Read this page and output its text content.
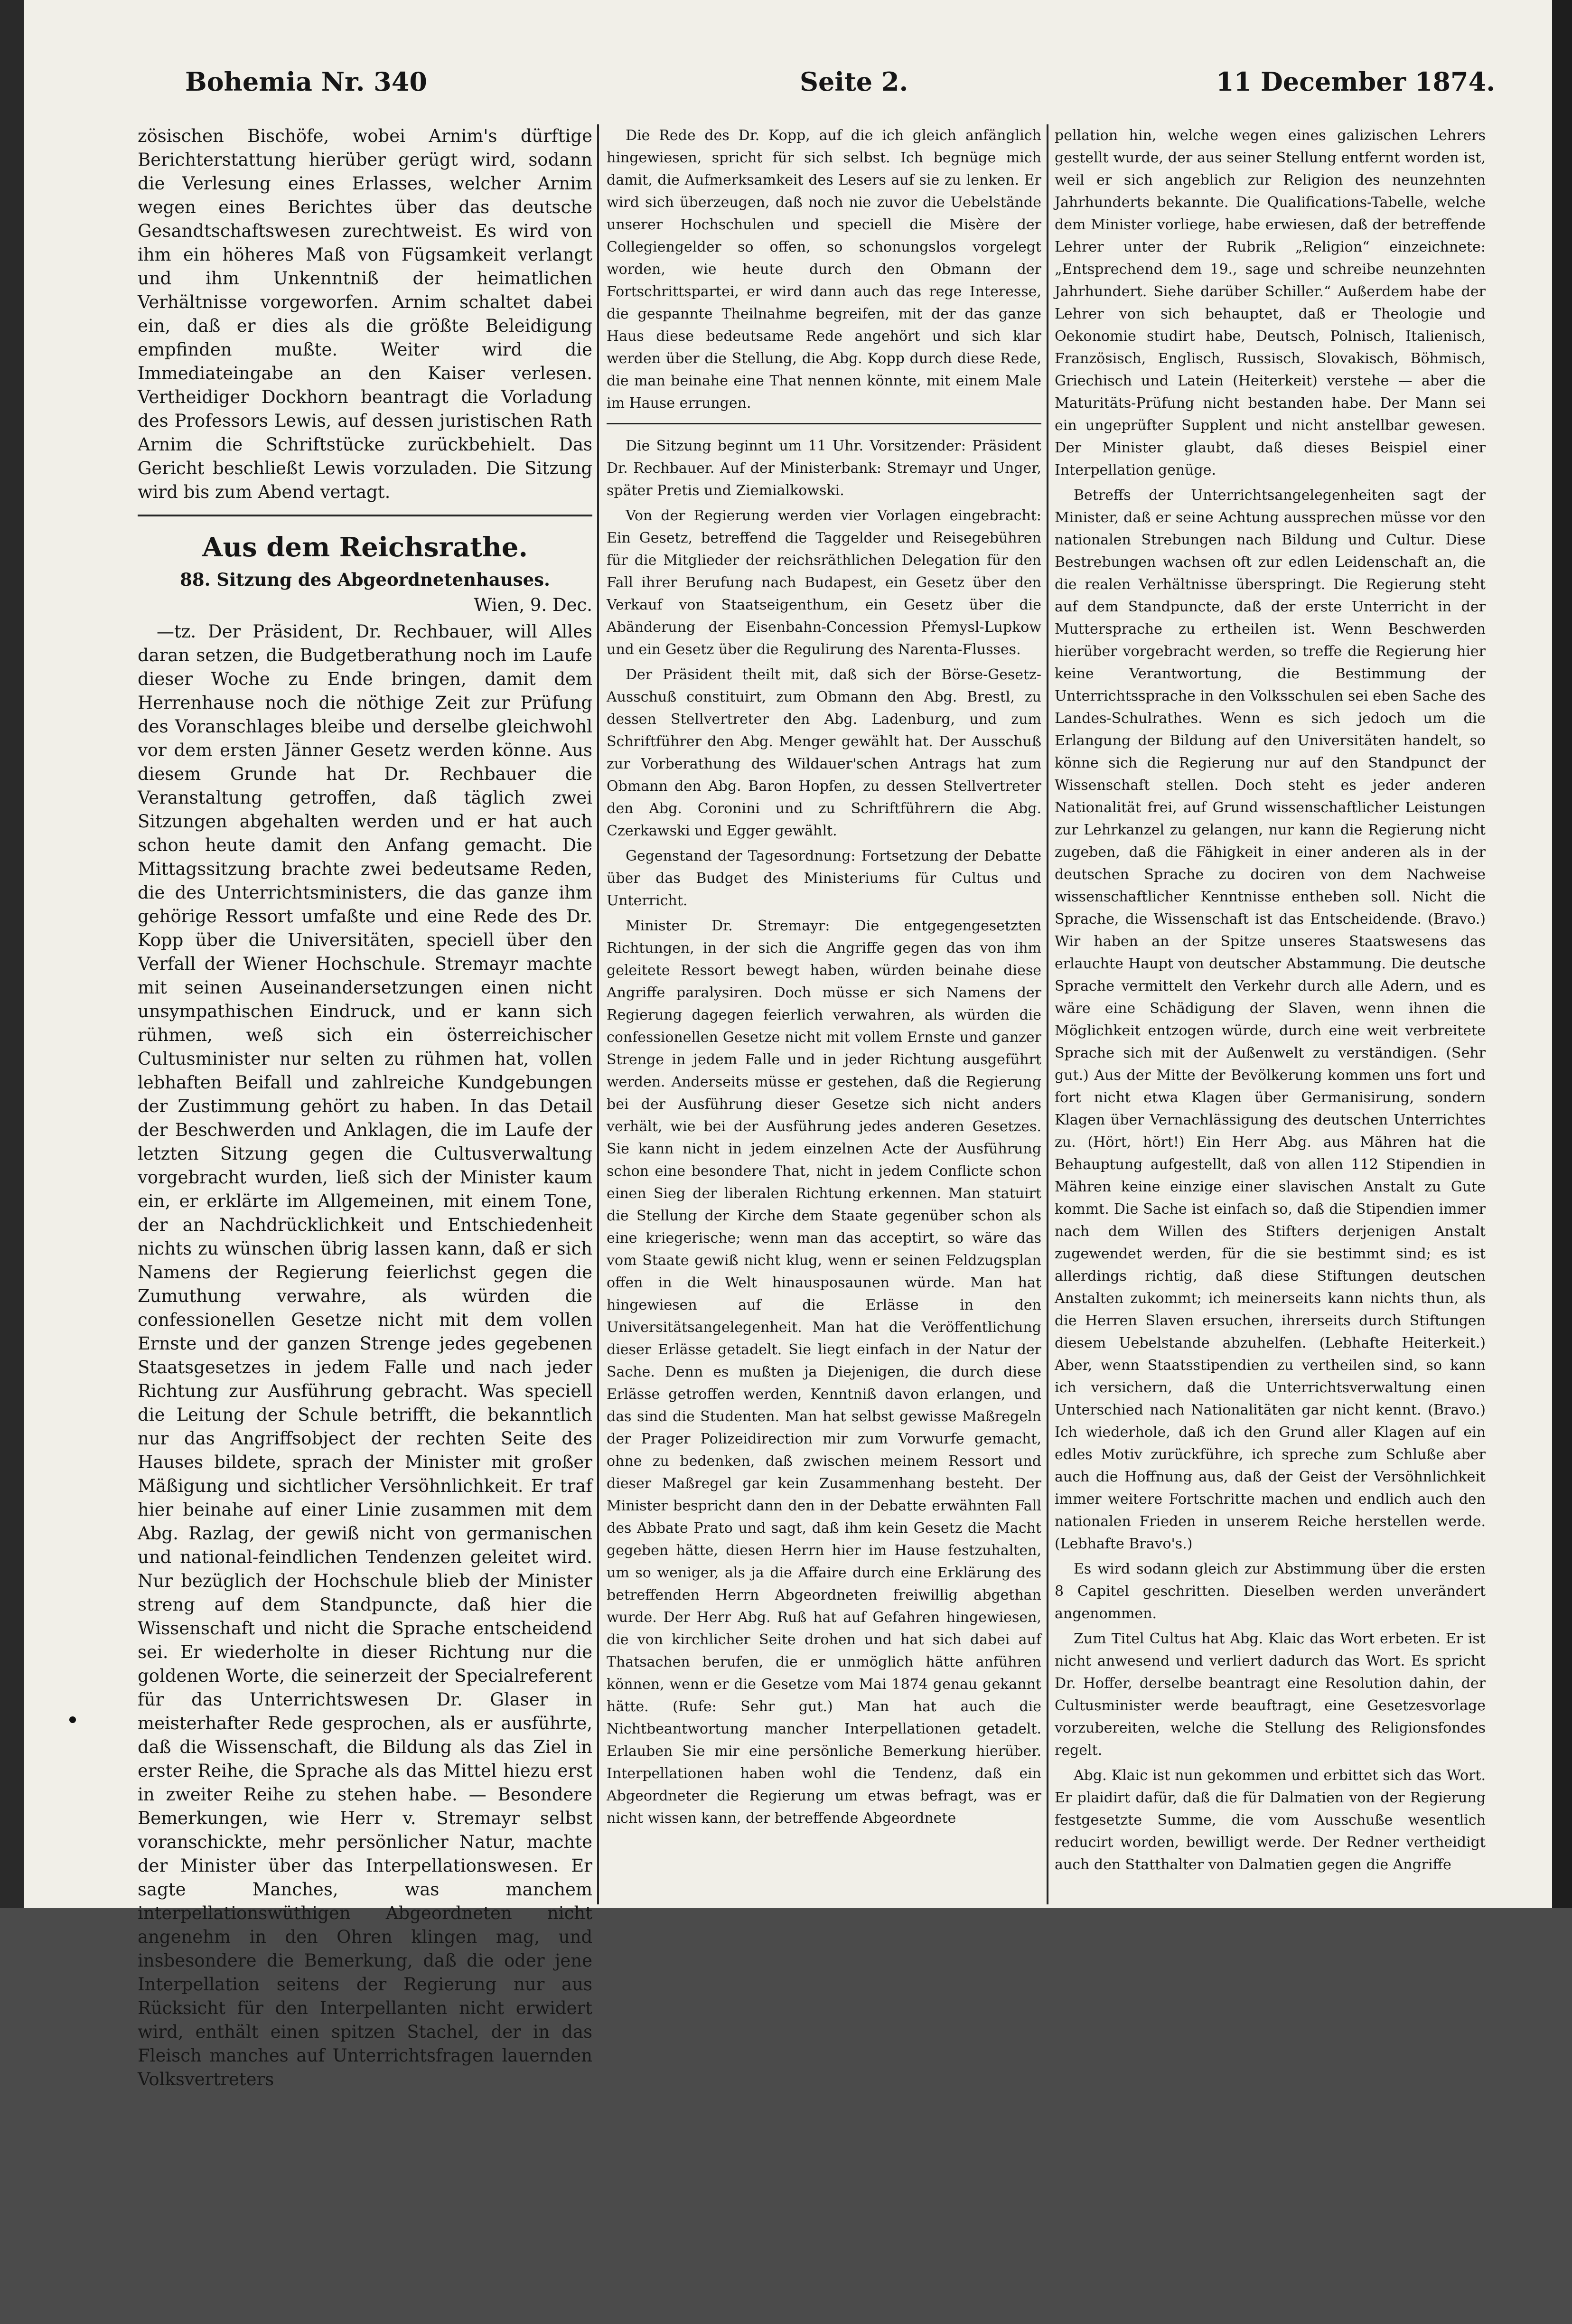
Bohemia Nr. 340	Seite 2.	11 December 1874.

zösischen Bischöfe, wobei Arnim's dürftige Berichterstattung hierüber gerügt wird, sodann die Verlesung eines Erlasses, welcher Arnim wegen eines Berichtes über das deutsche Gesandtschaftswesen zurechtweist. Es wird von ihm ein höheres Maß von Fügsamkeit verlangt und ihm Unkenntniß der heimatlichen Verhältnisse vorgeworfen. Arnim schaltet dabei ein, daß er dies als die größte Beleidigung empfinden mußte. Weiter wird die Immediateingabe an den Kaiser verlesen. Vertheidiger Dockhorn beantragt die Vorladung des Professors Lewis, auf dessen juristischen Rath Arnim die Schriftstücke zurückbehielt. Das Gericht beschließt Lewis vorzuladen. Die Sitzung wird bis zum Abend vertagt.

Aus dem Reichsrathe.
88. Sitzung des Abgeordnetenhauses.
Wien, 9. Dec.

—tz. Der Präsident, Dr. Rechbauer, will Alles daran setzen, die Budgetberathung noch im Laufe dieser Woche zu Ende bringen, damit dem Herrenhause noch die nöthige Zeit zur Prüfung des Voranschlages bleibe und derselbe gleichwohl vor dem ersten Jänner Gesetz werden könne. Aus diesem Grunde hat Dr. Rechbauer die Veranstaltung getroffen, daß täglich zwei Sitzungen abgehalten werden und er hat auch schon heute damit den Anfang gemacht. Die Mittagssitzung brachte zwei bedeutsame Reden, die des Unterrichtsministers, die das ganze ihm gehörige Ressort umfaßte und eine Rede des Dr. Kopp über die Universitäten, speciell über den Verfall der Wiener Hochschule. Stremayr machte mit seinen Auseinandersetzungen einen nicht unsympathischen Eindruck, und er kann sich rühmen, weß sich ein österreichischer Cultusminister nur selten zu rühmen hat, vollen lebhaften Beifall und zahlreiche Kundgebungen der Zustimmung gehört zu haben. In das Detail der Beschwerden und Anklagen, die im Laufe der letzten Sitzung gegen die Cultusverwaltung vorgebracht wurden, ließ sich der Minister kaum ein, er erklärte im Allgemeinen, mit einem Tone, der an Nachdrücklichkeit und Entschiedenheit nichts zu wünschen übrig lassen kann, daß er sich Namens der Regierung feierlichst gegen die Zumuthung verwahre, als würden die confessionellen Gesetze nicht mit dem vollen Ernste und der ganzen Strenge jedes gegebenen Staatsgesetzes in jedem Falle und nach jeder Richtung zur Ausführung gebracht. Was speciell die Leitung der Schule betrifft, die bekanntlich nur das Angriffsobject der rechten Seite des Hauses bildete, sprach der Minister mit großer Mäßigung und sichtlicher Versöhnlichkeit. Er traf hier beinahe auf einer Linie zusammen mit dem Abg. Razlag, der gewiß nicht von germanischen und national-feindlichen Tendenzen geleitet wird. Nur bezüglich der Hochschule blieb der Minister streng auf dem Standpuncte, daß hier die Wissenschaft und nicht die Sprache entscheidend sei. Er wiederholte in dieser Richtung nur die goldenen Worte, die seinerzeit der Specialreferent für das Unterrichtswesen Dr. Glaser in meisterhafter Rede gesprochen, als er ausführte, daß die Wissenschaft, die Bildung als das Ziel in erster Reihe, die Sprache als das Mittel hiezu erst in zweiter Reihe zu stehen habe. — Besondere Bemerkungen, wie Herr v. Stremayr selbst voranschickte, mehr persönlicher Natur, machte der Minister über das Interpellationswesen. Er sagte Manches, was manchem interpellationswüthigen Abgeordneten nicht angenehm in den Ohren klingen mag, und insbesondere die Bemerkung, daß die oder jene Interpellation seitens der Regierung nur aus Rücksicht für den Interpellanten nicht erwidert wird, enthält einen spitzen Stachel, der in das Fleisch manches auf Unterrichtsfragen lauernden Volksvertreters

Die Rede des Dr. Kopp, auf die ich gleich anfänglich hingewiesen, spricht für sich selbst. Ich begnüge mich damit, die Aufmerksamkeit des Lesers auf sie zu lenken. Er wird sich überzeugen, daß noch nie zuvor die Uebelstände unserer Hochschulen und speciell die Misère der Collegiengelder so offen, so schonungslos vorgelegt worden, wie heute durch den Obmann der Fortschrittspartei, er wird dann auch das rege Interesse, die gespannte Theilnahme begreifen, mit der das ganze Haus diese bedeutsame Rede angehört und sich klar werden über die Stellung, die Abg. Kopp durch diese Rede, die man beinahe eine That nennen könnte, mit einem Male im Hause errungen.

Die Sitzung beginnt um 11 Uhr. Vorsitzender: Präsident Dr. Rechbauer. Auf der Ministerbank: Stremayr und Unger, später Pretis und Ziemialkowski.

Von der Regierung werden vier Vorlagen eingebracht: Ein Gesetz, betreffend die Taggelder und Reisegebühren für die Mitglieder der reichsräthlichen Delegation für den Fall ihrer Berufung nach Budapest, ein Gesetz über den Verkauf von Staatseigenthum, ein Gesetz über die Abänderung der Eisenbahn-Concession Přemysl-Lupkow und ein Gesetz über die Regulirung des Narenta-Flusses.

Der Präsident theilt mit, daß sich der Börse-Gesetz-Ausschuß constituirt, zum Obmann den Abg. Brestl, zu dessen Stellvertreter den Abg. Ladenburg, und zum Schriftführer den Abg. Menger gewählt hat. Der Ausschuß zur Vorberathung des Wildauer'schen Antrags hat zum Obmann den Abg. Baron Hopfen, zu dessen Stellvertreter den Abg. Coronini und zu Schriftführern die Abg. Czerkawski und Egger gewählt.

Gegenstand der Tagesordnung: Fortsetzung der Debatte über das Budget des Ministeriums für Cultus und Unterricht.

Minister Dr. Stremayr: Die entgegengesetzten Richtungen, in der sich die Angriffe gegen das von ihm geleitete Ressort bewegt haben, würden beinahe diese Angriffe paralysiren. Doch müsse er sich Namens der Regierung dagegen feierlich verwahren, als würden die confessionellen Gesetze nicht mit vollem Ernste und ganzer Strenge in jedem Falle und in jeder Richtung ausgeführt werden. Anderseits müsse er gestehen, daß die Regierung bei der Ausführung dieser Gesetze sich nicht anders verhält, wie bei der Ausführung jedes anderen Gesetzes. Sie kann nicht in jedem einzelnen Acte der Ausführung schon eine besondere That, nicht in jedem Conflicte schon einen Sieg der liberalen Richtung erkennen. Man statuirt die Stellung der Kirche dem Staate gegenüber schon als eine kriegerische; wenn man das acceptirt, so wäre das vom Staate gewiß nicht klug, wenn er seinen Feldzugsplan offen in die Welt hinausposaunen würde. Man hat hingewiesen auf die Erlässe in den Universitätsangelegenheit. Man hat die Veröffentlichung dieser Erlässe getadelt. Sie liegt einfach in der Natur der Sache. Denn es mußten ja Diejenigen, die durch diese Erlässe getroffen werden, Kenntniß davon erlangen, und das sind die Studenten. Man hat selbst gewisse Maßregeln der Prager Polizeidirection mir zum Vorwurfe gemacht, ohne zu bedenken, daß zwischen meinem Ressort und dieser Maßregel gar kein Zusammenhang besteht. Der Minister bespricht dann den in der Debatte erwähnten Fall des Abbate Prato und sagt, daß ihm kein Gesetz die Macht gegeben hätte, diesen Herrn hier im Hause festzuhalten, um so weniger, als ja die Affaire durch eine Erklärung des betreffenden Herrn Abgeordneten freiwillig abgethan wurde. Der Herr Abg. Ruß hat auf Gefahren hingewiesen, die von kirchlicher Seite drohen und hat sich dabei auf Thatsachen berufen, die er unmöglich hätte anführen können, wenn er die Gesetze vom Mai 1874 genau gekannt hätte. (Rufe: Sehr gut.) Man hat auch die Nichtbeantwortung mancher Interpellationen getadelt. Erlauben Sie mir eine persönliche Bemerkung hierüber. Interpellationen haben wohl die Tendenz, daß ein Abgeordneter die Regierung um etwas befragt, was er nicht wissen kann, der betreffende Abgeordnete

pellation hin, welche wegen eines galizischen Lehrers gestellt wurde, der aus seiner Stellung entfernt worden ist, weil er sich angeblich zur Religion des neunzehnten Jahrhunderts bekannte. Die Qualifications-Tabelle, welche dem Minister vorliege, habe erwiesen, daß der betreffende Lehrer unter der Rubrik „Religion“ einzeichnete: „Entsprechend dem 19., sage und schreibe neunzehnten Jahrhundert. Siehe darüber Schiller.“ Außerdem habe der Lehrer von sich behauptet, daß er Theologie und Oekonomie studirt habe, Deutsch, Polnisch, Italienisch, Französisch, Englisch, Russisch, Slovakisch, Böhmisch, Griechisch und Latein (Heiterkeit) verstehe — aber die Maturitäts-Prüfung nicht bestanden habe. Der Mann sei ein ungeprüfter Supplent und nicht anstellbar gewesen. Der Minister glaubt, daß dieses Beispiel einer Interpellation genüge.

Betreffs der Unterrichtsangelegenheiten sagt der Minister, daß er seine Achtung aussprechen müsse vor den nationalen Strebungen nach Bildung und Cultur. Diese Bestrebungen wachsen oft zur edlen Leidenschaft an, die die realen Verhältnisse überspringt. Die Regierung steht auf dem Standpuncte, daß der erste Unterricht in der Muttersprache zu ertheilen ist. Wenn Beschwerden hierüber vorgebracht werden, so treffe die Regierung hier keine Verantwortung, die Bestimmung der Unterrichtssprache in den Volksschulen sei eben Sache des Landes-Schulrathes. Wenn es sich jedoch um die Erlangung der Bildung auf den Universitäten handelt, so könne sich die Regierung nur auf den Standpunct der Wissenschaft stellen. Doch steht es jeder anderen Nationalität frei, auf Grund wissenschaftlicher Leistungen zur Lehrkanzel zu gelangen, nur kann die Regierung nicht zugeben, daß die Fähigkeit in einer anderen als in der deutschen Sprache zu dociren von dem Nachweise wissenschaftlicher Kenntnisse entheben soll. Nicht die Sprache, die Wissenschaft ist das Entscheidende. (Bravo.) Wir haben an der Spitze unseres Staatswesens das erlauchte Haupt von deutscher Abstammung. Die deutsche Sprache vermittelt den Verkehr durch alle Adern, und es wäre eine Schädigung der Slaven, wenn ihnen die Möglichkeit entzogen würde, durch eine weit verbreitete Sprache sich mit der Außenwelt zu verständigen. (Sehr gut.) Aus der Mitte der Bevölkerung kommen uns fort und fort nicht etwa Klagen über Germanisirung, sondern Klagen über Vernachlässigung des deutschen Unterrichtes zu. (Hört, hört!) Ein Herr Abg. aus Mähren hat die Behauptung aufgestellt, daß von allen 112 Stipendien in Mähren keine einzige einer slavischen Anstalt zu Gute kommt. Die Sache ist einfach so, daß die Stipendien immer nach dem Willen des Stifters derjenigen Anstalt zugewendet werden, für die sie bestimmt sind; es ist allerdings richtig, daß diese Stiftungen deutschen Anstalten zukommt; ich meinerseits kann nichts thun, als die Herren Slaven ersuchen, ihrerseits durch Stiftungen diesem Uebelstande abzuhelfen. (Lebhafte Heiterkeit.) Aber, wenn Staatsstipendien zu vertheilen sind, so kann ich versichern, daß die Unterrichtsverwaltung einen Unterschied nach Nationalitäten gar nicht kennt. (Bravo.) Ich wiederhole, daß ich den Grund aller Klagen auf ein edles Motiv zurückführe, ich spreche zum Schluße aber auch die Hoffnung aus, daß der Geist der Versöhnlichkeit immer weitere Fortschritte machen und endlich auch den nationalen Frieden in unserem Reiche herstellen werde. (Lebhafte Bravo's.)

Es wird sodann gleich zur Abstimmung über die ersten 8 Capitel geschritten. Dieselben werden unverändert angenommen.

Zum Titel Cultus hat Abg. Klaic das Wort erbeten. Er ist nicht anwesend und verliert dadurch das Wort. Es spricht Dr. Hoffer, derselbe beantragt eine Resolution dahin, der Cultusminister werde beauftragt, eine Gesetzesvorlage vorzubereiten, welche die Stellung des Religionsfondes regelt.

Abg. Klaic ist nun gekommen und erbittet sich das Wort. Er plaidirt dafür, daß die für Dalmatien von der Regierung festgesetzte Summe, die vom Ausschuße wesentlich reducirt worden, bewilligt werde. Der Redner vertheidigt auch den Statthalter von Dalmatien gegen die Angriffe
